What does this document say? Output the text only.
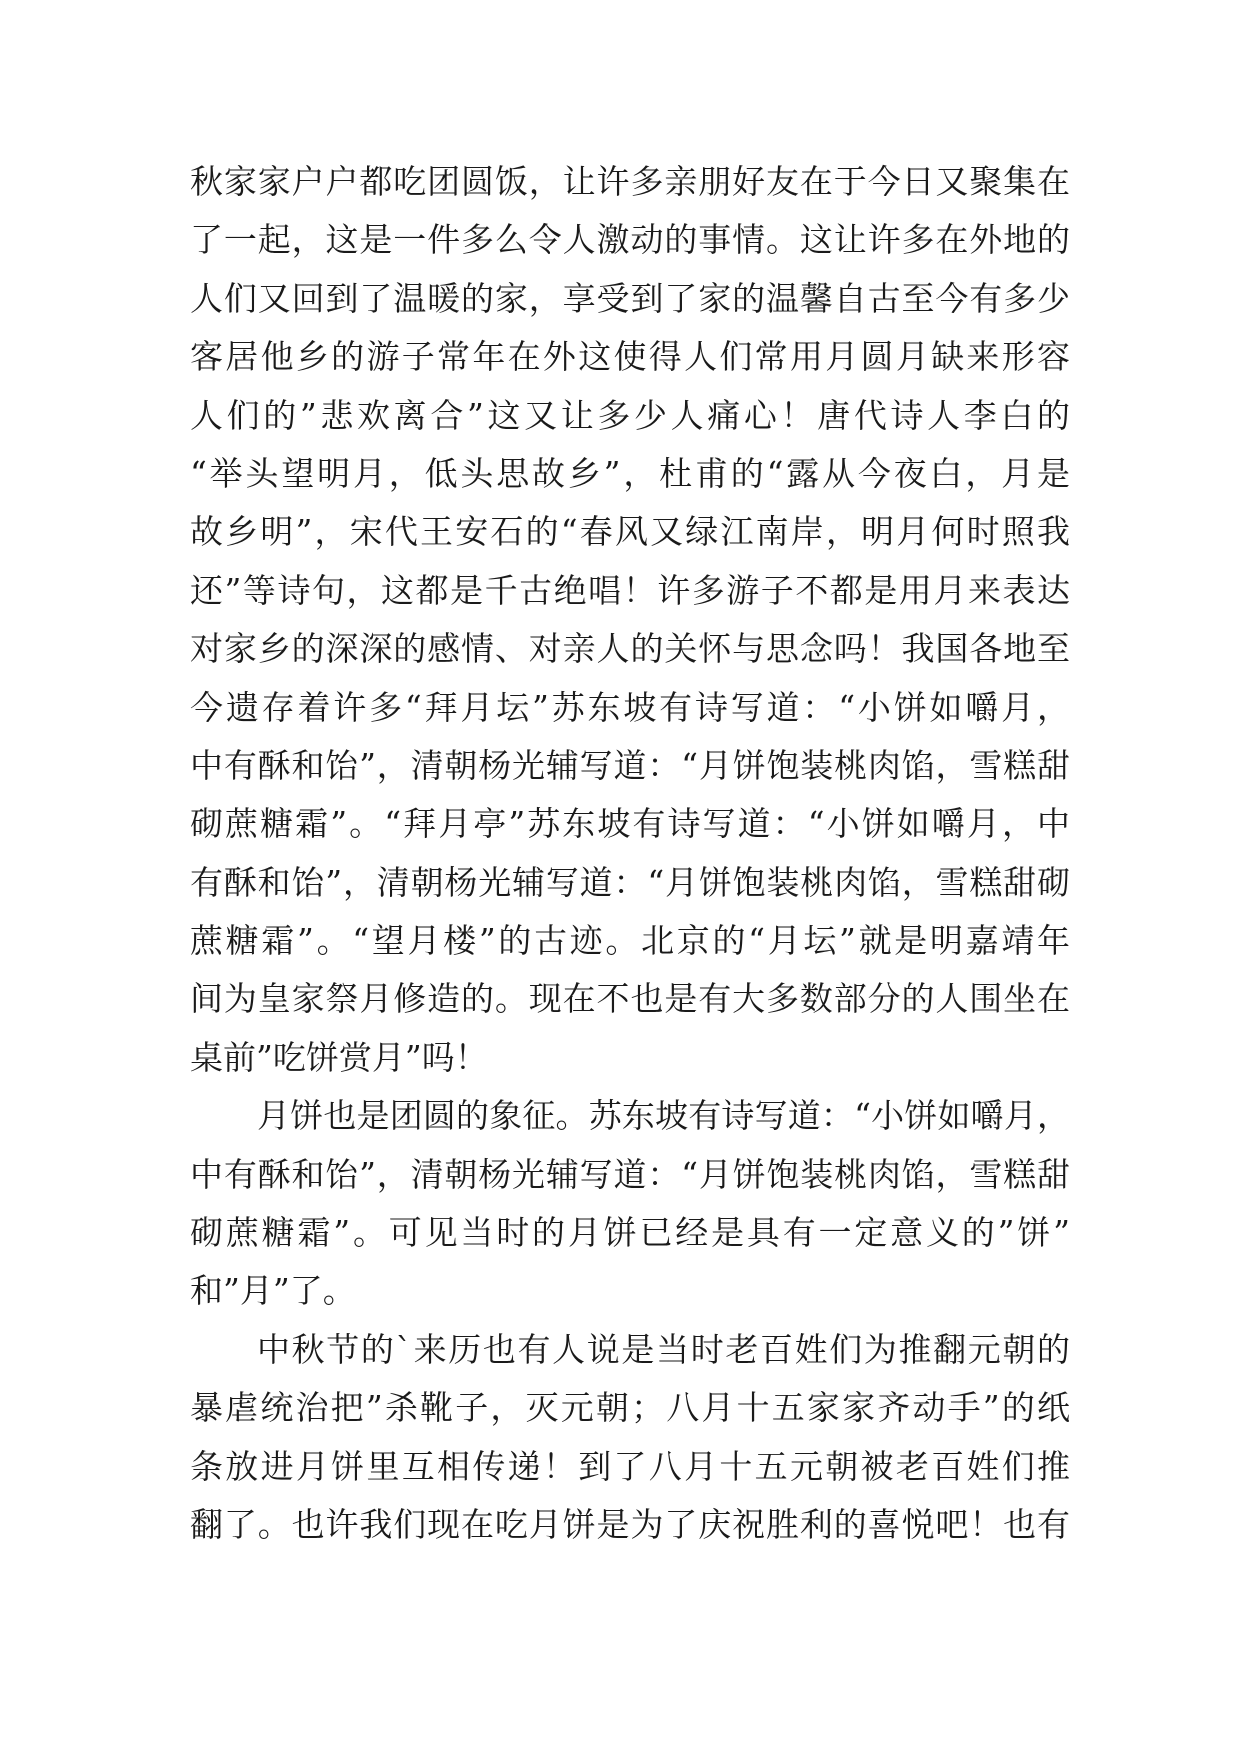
秋家家户户都吃团圆饭，让许多亲朋好友在于今日又聚集在
了一起，这是一件多么令人激动的事情。这让许多在外地的
人们又回到了温暖的家，享受到了家的温馨自古至今有多少
客居他乡的游子常年在外这使得人们常用月圆月缺来形容
人们的”悲欢离合”这又让多少人痛心！唐代诗人李白的
“举头望明月，低头思故乡”，杜甫的“露从今夜白，月是
故乡明”，宋代王安石的“春风又绿江南岸，明月何时照我
还”等诗句，这都是千古绝唱！许多游子不都是用月来表达
对家乡的深深的感情、对亲人的关怀与思念吗！我国各地至
今遗存着许多“拜月坛”苏东坡有诗写道：“小饼如嚼月，
中有酥和饴”，清朝杨光辅写道：“月饼饱装桃肉馅，雪糕甜
砌蔗糖霜”。“拜月亭”苏东坡有诗写道：“小饼如嚼月，中
有酥和饴”，清朝杨光辅写道：“月饼饱装桃肉馅，雪糕甜砌
蔗糖霜”。“望月楼”的古迹。北京的“月坛”就是明嘉靖年
间为皇家祭月修造的。现在不也是有大多数部分的人围坐在
桌前”吃饼赏月”吗！
月饼也是团圆的象征。苏东坡有诗写道：“小饼如嚼月，
中有酥和饴”，清朝杨光辅写道：“月饼饱装桃肉馅，雪糕甜
砌蔗糖霜”。可见当时的月饼已经是具有一定意义的”饼”
和”月”了。
中秋节的`来历也有人说是当时老百姓们为推翻元朝的
暴虐统治把”杀靴子，灭元朝；八月十五家家齐动手”的纸
条放进月饼里互相传递！到了八月十五元朝被老百姓们推
翻了。也许我们现在吃月饼是为了庆祝胜利的喜悦吧！也有
